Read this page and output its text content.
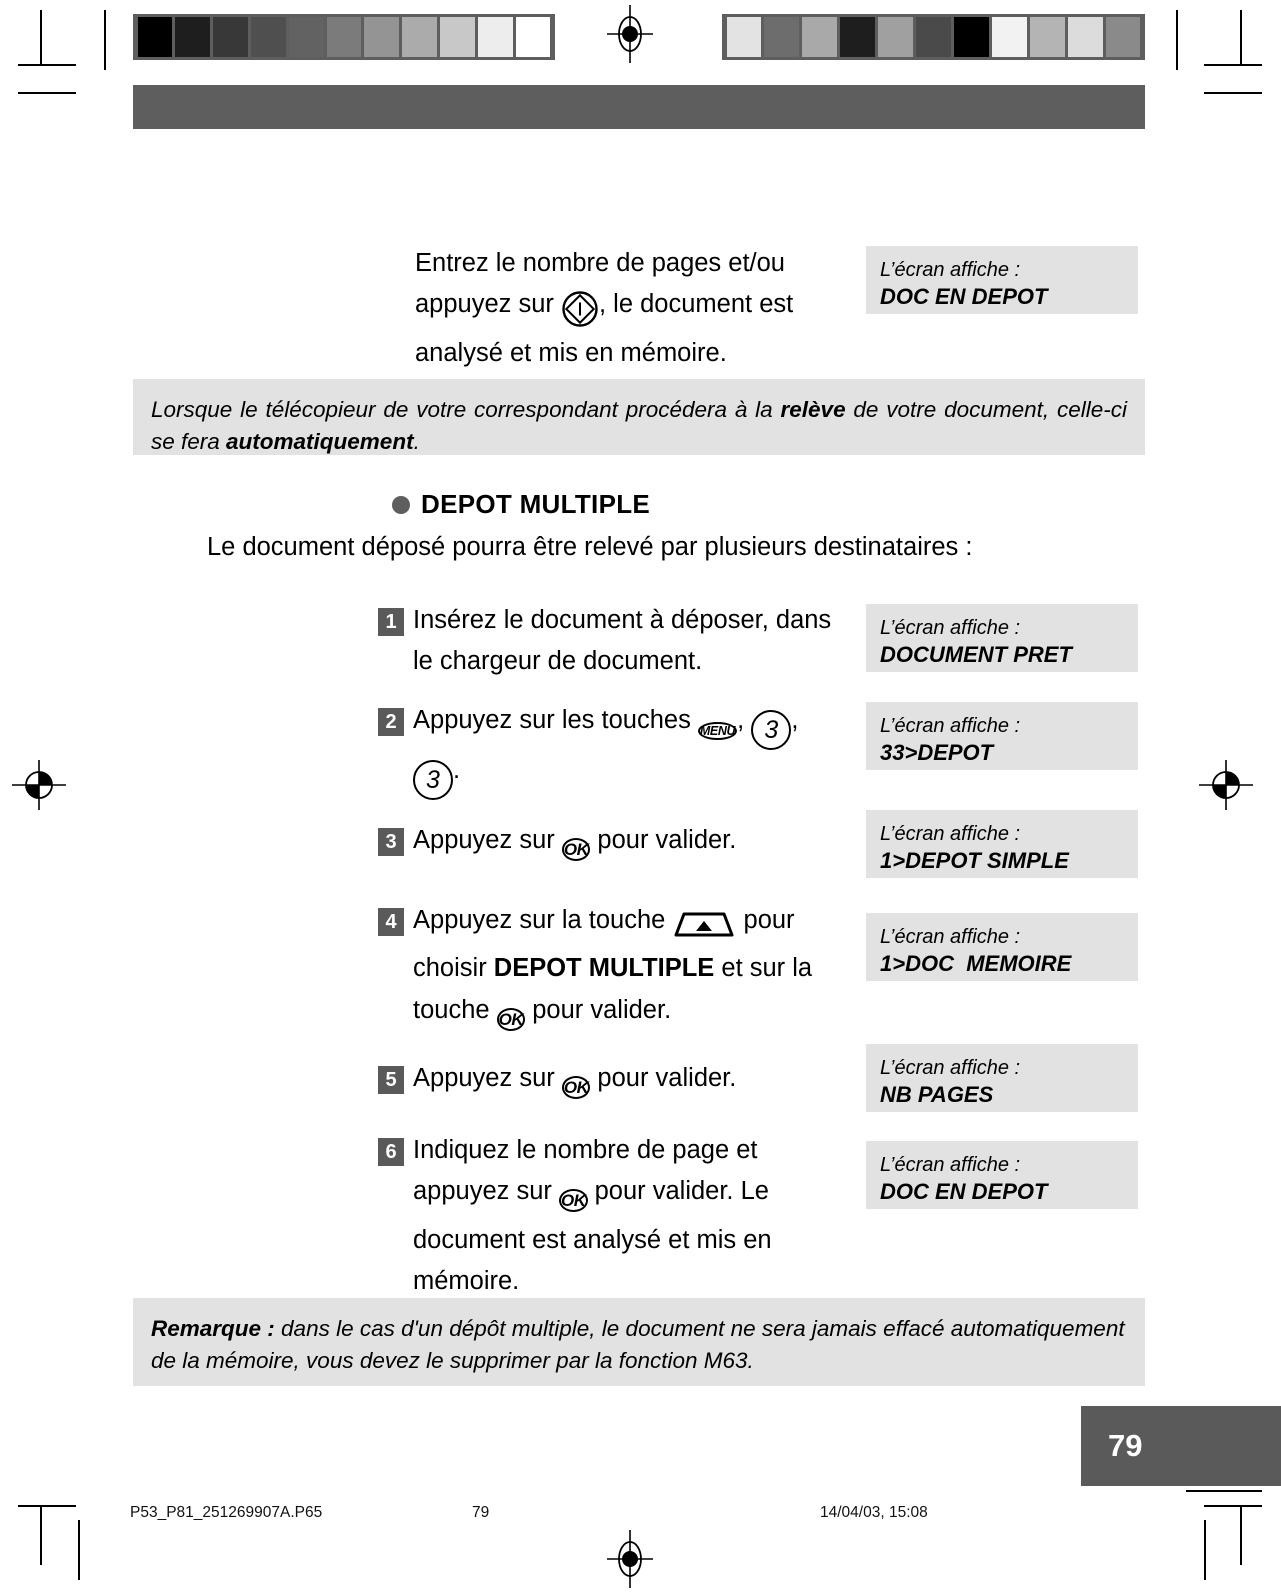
Entrez le nombre de pages et/ou appuyez sur , le document est analysé et mis en mémoire.
L’écran affiche :
DOC EN DEPOT
Lorsque le télécopieur de votre correspondant procédera à la relève de votre document, celle-ci se fera automatiquement.
DEPOT MULTIPLE
Le document déposé pourra être relevé par plusieurs destinataires :
1 Insérez le document à déposer, dans le chargeur de document.
L’écran affiche :
DOCUMENT PRET
2 Appuyez sur les touches MENU, 3 ,
3 .
L’écran affiche :
33>DEPOT
3 Appuyez sur OK pour valider.	L’écran affiche :
1>DEPOT SIMPLE
4 Appuyez sur la touche	pour choisir DEPOT MULTIPLE et sur la touche OK pour valider.
L’écran affiche :
1>DOC  MEMOIRE
5 Appuyez sur OK pour valider.	L’écran affiche :
NB PAGES
6 Indiquez le nombre de page et appuyez sur OK pour valider. Le document est analysé et mis en mémoire.
L’écran affiche :
DOC EN DEPOT
Remarque : dans le cas d'un dépôt multiple, le document ne sera jamais effacé automatiquement de la mémoire, vous devez le supprimer par la fonction M63.
79
P53_P81_251269907A.P65	79	14/04/03, 15:08
